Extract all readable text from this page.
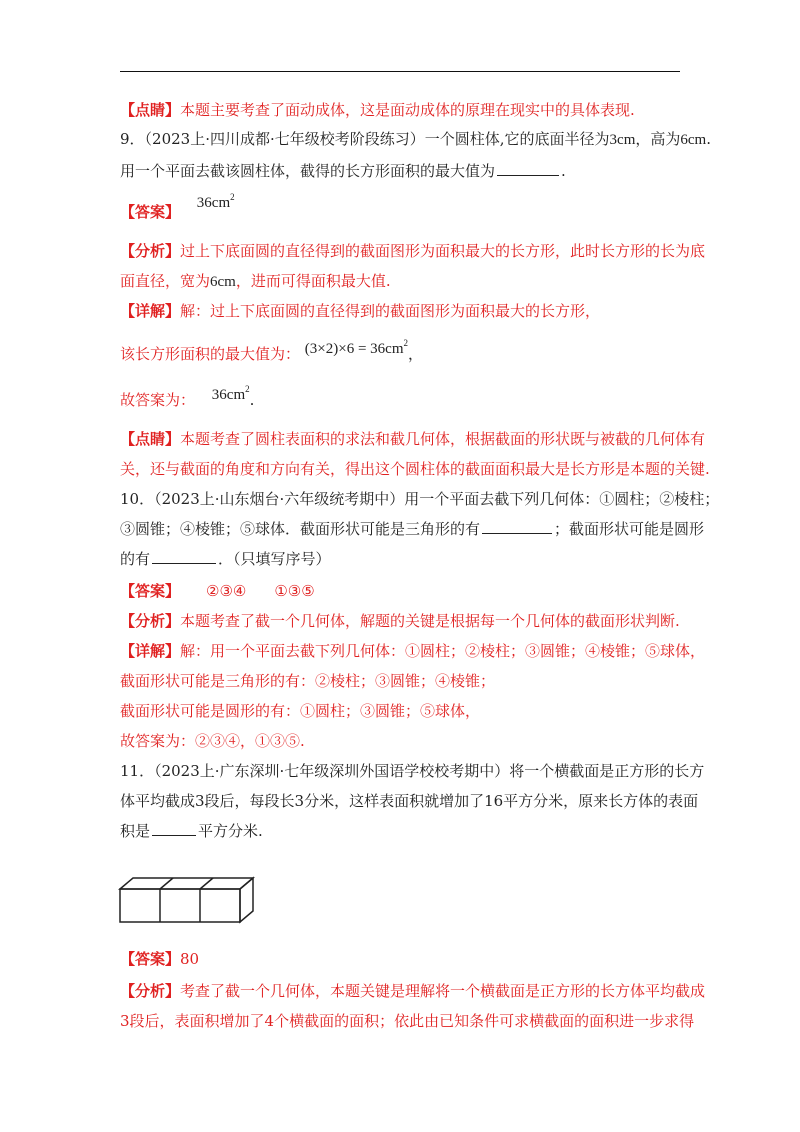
【点睛】本题主要考查了面动成体，这是面动成体的原理在现实中的具体表现.
9．（2023上·四川成都·七年级校考阶段练习）一个圆柱体,它的底面半径为3cm，高为6cm.
用一个平面去截该圆柱体，截得的长方形面积的最大值为	.
【答案】 $36cm^2$
【分析】过上下底面圆的直径得到的截面图形为面积最大的长方形，此时长方形的长为底
面直径，宽为6cm，进而可得面积最大值.
【详解】解：过上下底面圆的直径得到的截面图形为面积最大的长方形，
该长方形面积的最大值为： $(3\times 2)\times 6 = 36cm^2$，
故答案为： $36cm^2$.
【点睛】本题考查了圆柱表面积的求法和截几何体，根据截面的形状既与被截的几何体有
关，还与截面的角度和方向有关，得出这个圆柱体的截面面积最大是长方形是本题的关键.
10．（2023上·山东烟台·六年级统考期中）用一个平面去截下列几何体：①圆柱；②棱柱；
③圆锥；④棱锥；⑤球体．截面形状可能是三角形的有	；截面形状可能是圆形
的有	．（只填写序号）
【答案】 ②③④ ①③⑤
【分析】本题考查了截一个几何体，解题的关键是根据每一个几何体的截面形状判断.
【详解】解：用一个平面去截下列几何体：①圆柱；②棱柱；③圆锥；④棱锥；⑤球体，
截面形状可能是三角形的有：②棱柱；③圆锥；④棱锥；
截面形状可能是圆形的有：①圆柱；③圆锥；⑤球体，
故答案为：②③④，①③⑤.
11．（2023上·广东深圳·七年级深圳外国语学校校考期中）将一个横截面是正方形的长方
体平均截成3段后，每段长3分米，这样表面积就增加了16平方分米，原来长方体的表面
积是	平方分米.
【答案】80
【分析】考查了截一个几何体，本题关键是理解将一个横截面是正方形的长方体平均截成
3段后，表面积增加了4个横截面的面积；依此由已知条件可求横截面的面积进一步求得
